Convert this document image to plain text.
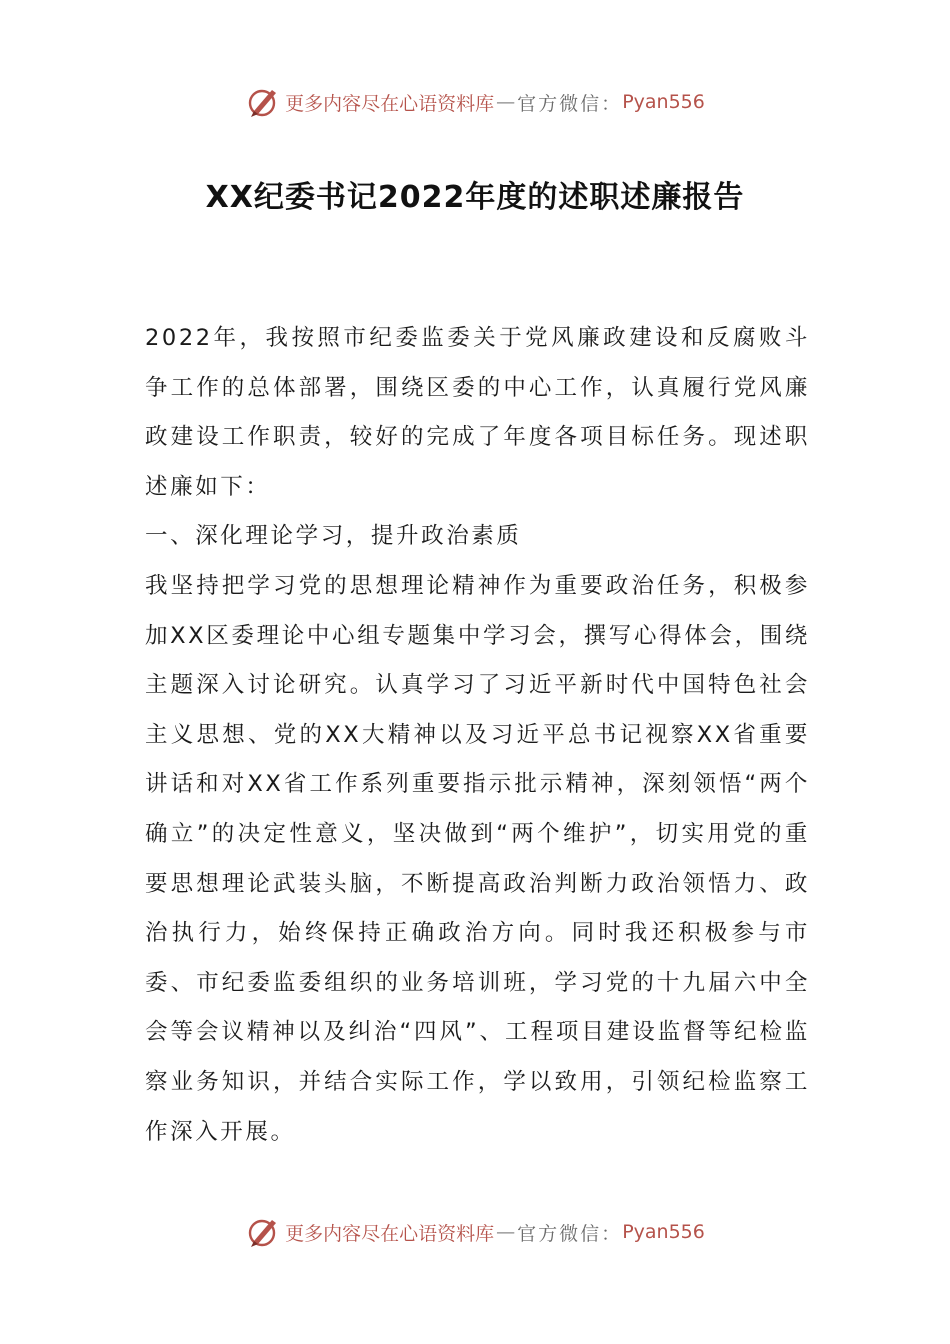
更多内容尽在心语资料库 — 官方微信： Pyan556
XX纪委书记2022年度的述职述廉报告

2022年，我按照市纪委监委关于党风廉政建设和反腐败斗争工作的总体部署，围绕区委的中心工作，认真履行党风廉政建设工作职责，较好的完成了年度各项目标任务。现述职述廉如下：

一、深化理论学习，提升政治素质

我坚持把学习党的思想理论精神作为重要政治任务，积极参加XX区委理论中心组专题集中学习会，撰写心得体会，围绕主题深入讨论研究。认真学习了习近平新时代中国特色社会主义思想、党的XX大精神以及习近平总书记视察XX省重要讲话和对XX省工作系列重要指示批示精神，深刻领悟“两个确立”的决定性意义，坚决做到“两个维护”，切实用党的重要思想理论武装头脑，不断提高政治判断力政治领悟力、政治执行力，始终保持正确政治方向。同时我还积极参与市委、市纪委监委组织的业务培训班，学习党的十九届六中全会等会议精神以及纠治“四风”、工程项目建设监督等纪检监察业务知识，并结合实际工作，学以致用，引领纪检监察工作深入开展。

更多内容尽在心语资料库 — 官方微信： Pyan556
